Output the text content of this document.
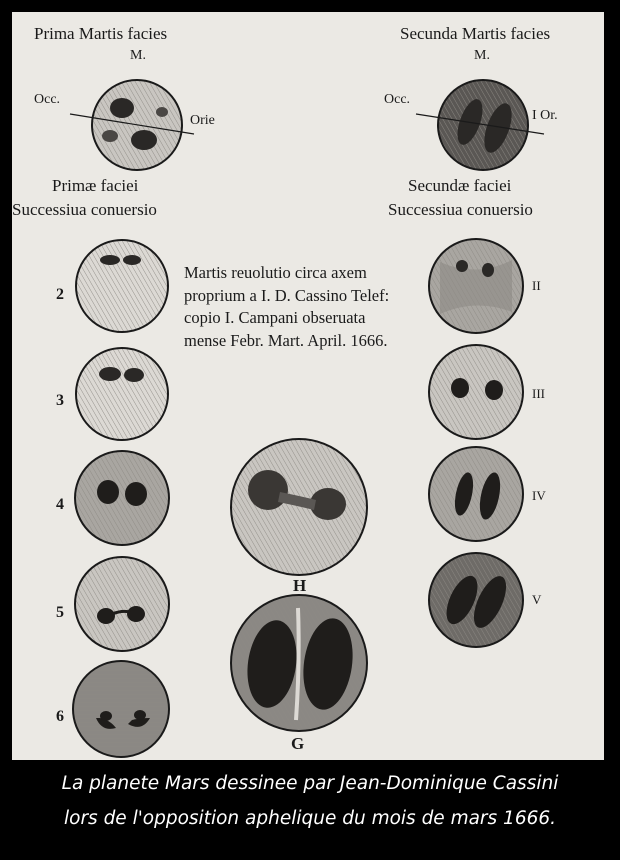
Prima Martis facies
M.
Occ.
Orie
Primæ faciei
Successiua conuersio
Secunda Martis facies
M.
Occ.
I Or.
Secundæ faciei
Successiua conuersio
Martis reuolutio circa axem
proprium a I. D. Cassino Telef:
copio I. Campani obseruata
mense Febr. Mart. April. 1666.
2
3
4
5
6
II
III
IV
V
H
G
La planete Mars dessinee par Jean-Dominique Cassini
lors de l'opposition aphelique du mois de mars 1666.
